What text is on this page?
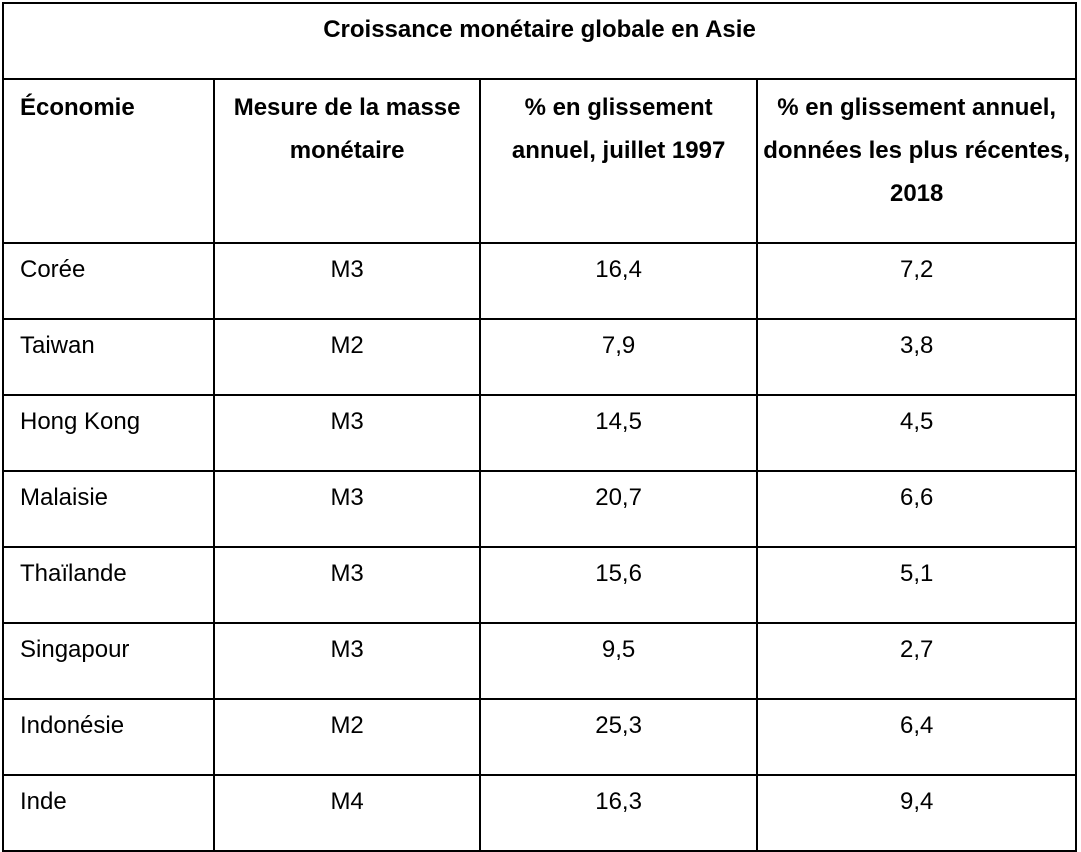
Croissance monétaire globale en Asie			
Économie	Mesure de la masse monétaire	% en glissement annuel, juillet 1997	% en glissement annuel, données les plus récentes, 2018
Corée	M3	16,4	7,2
Taiwan	M2	7,9	3,8
Hong Kong	M3	14,5	4,5
Malaisie	M3	20,7	6,6
Thaïlande	M3	15,6	5,1
Singapour	M3	9,5	2,7
Indonésie	M2	25,3	6,4
Inde	M4	16,3	9,4
